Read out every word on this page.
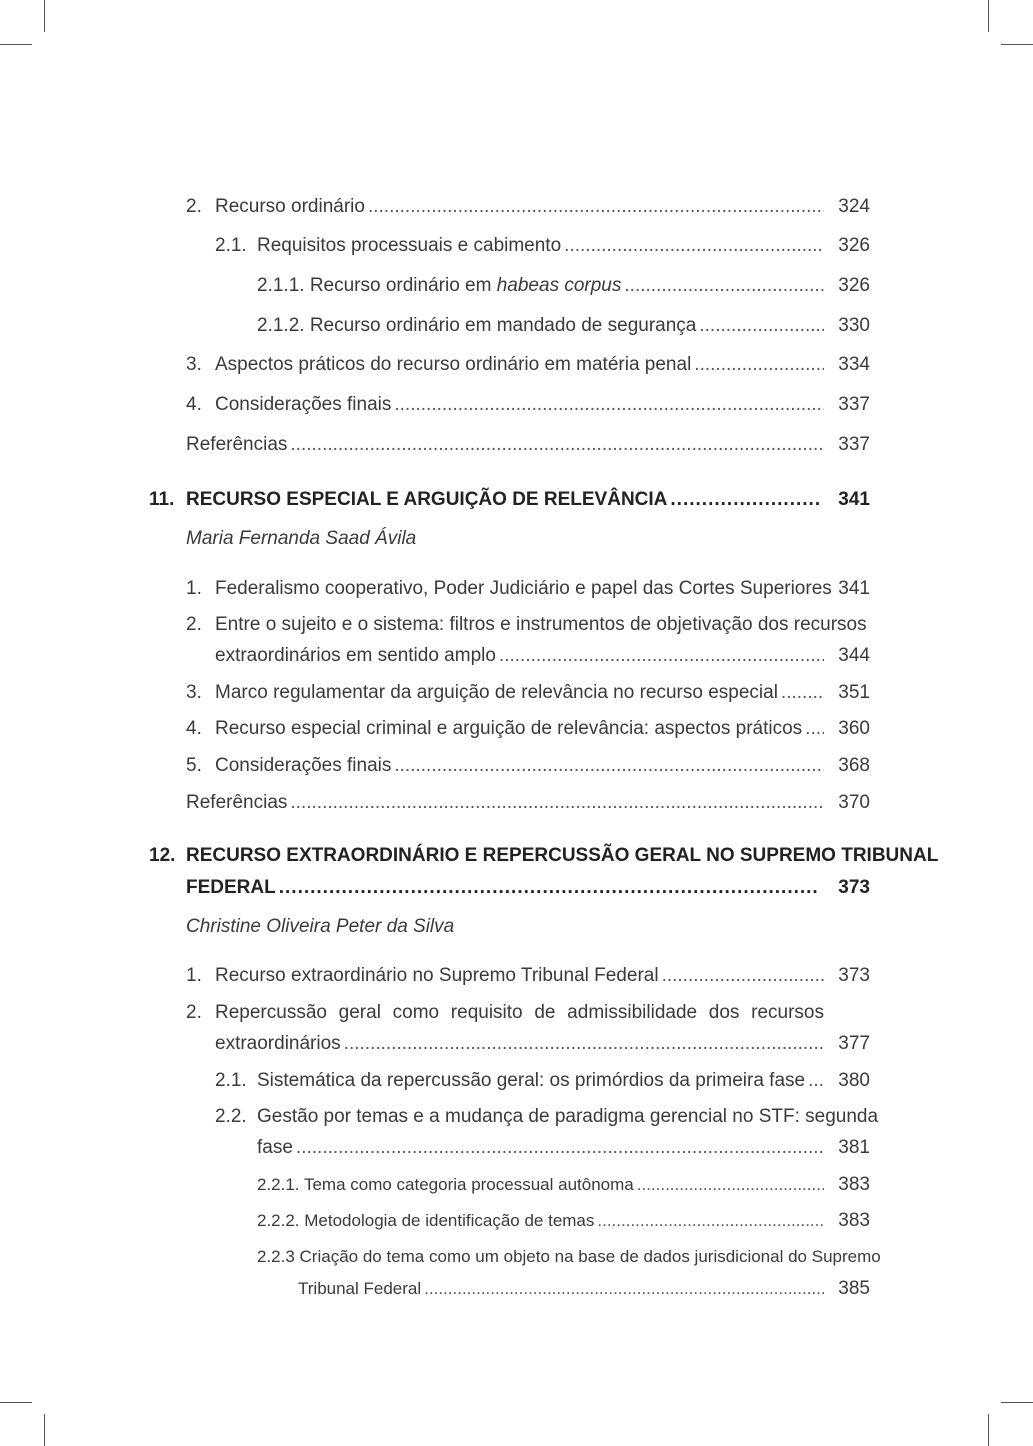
2. Recurso ordinário .....	324
2.1. Requisitos processuais e cabimento .....	326
2.1.1. Recurso ordinário em habeas corpus .....	326
2.1.2. Recurso ordinário em mandado de segurança .....	330
3. Aspectos práticos do recurso ordinário em matéria penal .....	334
4. Considerações finais .....	337
Referências .....	337
11. RECURSO ESPECIAL E ARGUIÇÃO DE RELEVÂNCIA .....	341
Maria Fernanda Saad Ávila
1. Federalismo cooperativo, Poder Judiciário e papel das Cortes Superiores 341
2. Entre o sujeito e o sistema: filtros e instrumentos de objetivação dos recursos
extraordinários em sentido amplo .....	344
3. Marco regulamentar da arguição de relevância no recurso especial .....	351
4. Recurso especial criminal e arguição de relevância: aspectos práticos .....	360
5. Considerações finais .....	368
Referências .....	370
12. RECURSO EXTRAORDINÁRIO E REPERCUSSÃO GERAL NO SUPREMO TRIBUNAL
FEDERAL .....	373
Christine Oliveira Peter da Silva
1. Recurso extraordinário no Supremo Tribunal Federal .....	373
2. Repercussão geral como requisito de admissibilidade dos recursos
extraordinários .....	377
2.1. Sistemática da repercussão geral: os primórdios da primeira fase .....	380
2.2. Gestão por temas e a mudança de paradigma gerencial no STF: segunda
fase .....	381
2.2.1. Tema como categoria processual autônoma .....	383
2.2.2. Metodologia de identificação de temas .....	383
2.2.3 Criação do tema como um objeto na base de dados jurisdicional do Supremo
Tribunal Federal .....	385
